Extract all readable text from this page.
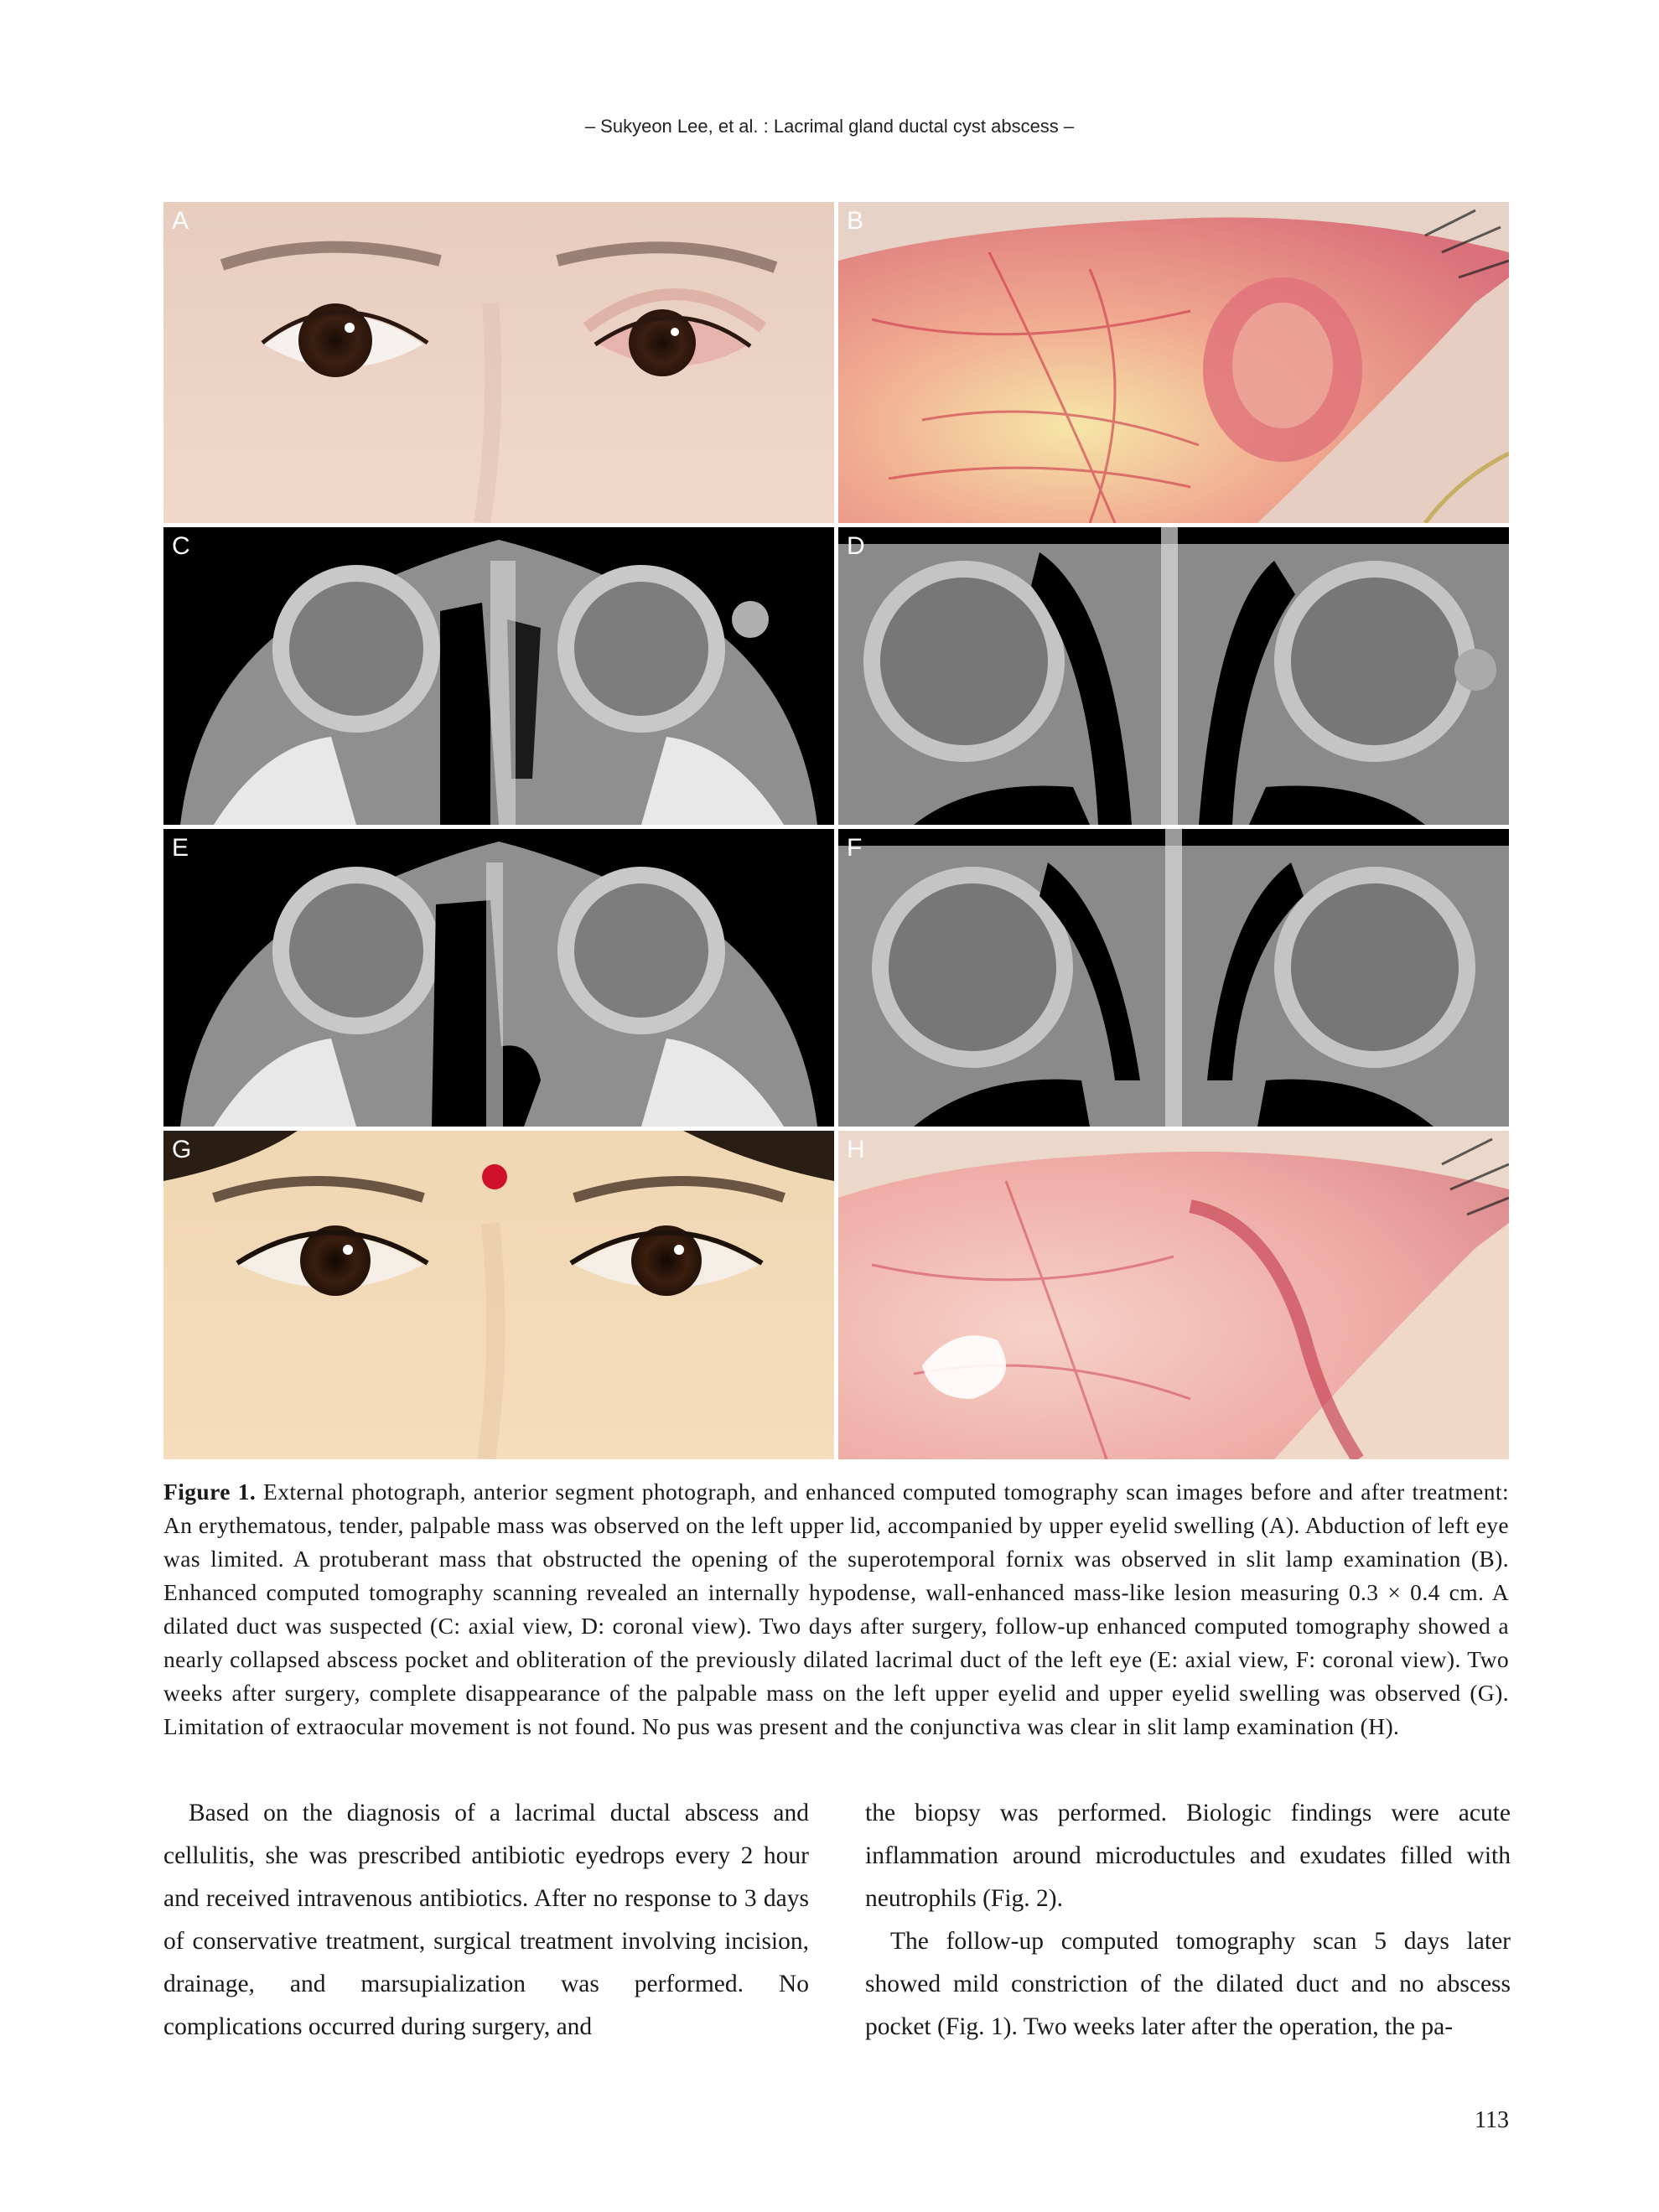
– Sukyeon Lee, et al. : Lacrimal gland ductal cyst abscess –
A	B
C	D
E	F
G	H
Figure 1. External photograph, anterior segment photograph, and enhanced computed tomography scan images before and after treatment: An erythematous, tender, palpable mass was observed on the left upper lid, accompanied by upper eyelid swelling (A). Abduction of left eye was limited. A protuberant mass that obstructed the opening of the superotemporal fornix was observed in slit lamp examination (B). Enhanced computed tomography scanning revealed an internally hypodense, wall-enhanced mass-like lesion measuring 0.3 × 0.4 cm. A dilated duct was suspected (C: axial view, D: coronal view). Two days after surgery, follow-up enhanced computed tomography showed a nearly collapsed abscess pocket and obliteration of the previously dilated lacrimal duct of the left eye (E: axial view, F: coronal view). Two weeks after surgery, complete disappearance of the palpable mass on the left upper eyelid and upper eyelid swelling was observed (G). Limitation of extraocular movement is not found. No pus was present and the conjunctiva was clear in slit lamp examination (H).

Based on the diagnosis of a lacrimal ductal abscess and cellulitis, she was prescribed antibiotic eyedrops every 2 hour and received intravenous antibiotics. After no response to 3 days of conservative treatment, surgical treatment involving incision, drainage, and marsupialization was performed. No complications occurred during surgery, and

the biopsy was performed. Biologic findings were acute inflammation around microductules and exudates filled with neutrophils (Fig. 2).

The follow-up computed tomography scan 5 days later showed mild constriction of the dilated duct and no abscess pocket (Fig. 1). Two weeks later after the operation, the pa-

113
